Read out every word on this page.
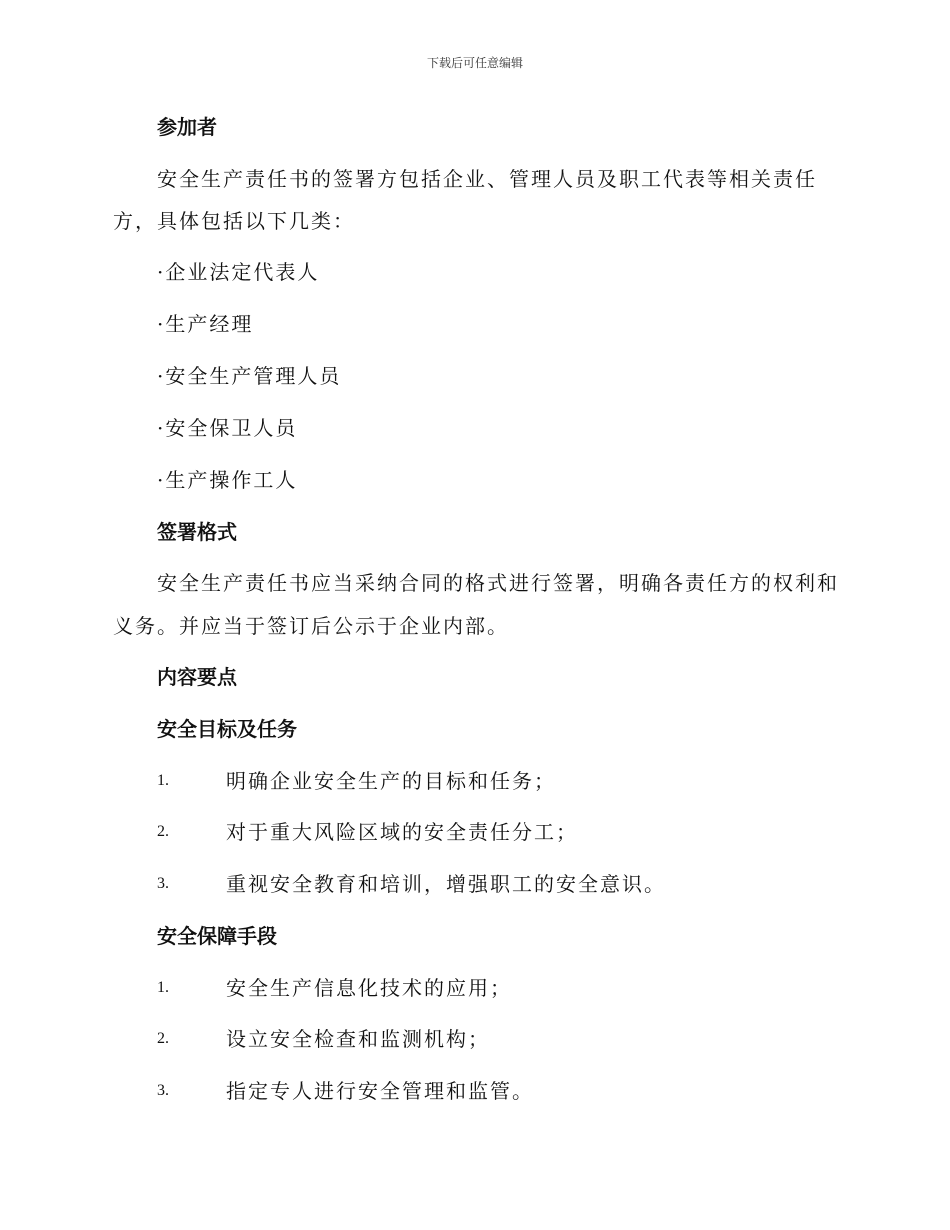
下载后可任意编辑
参加者
安全生产责任书的签署方包括企业、管理人员及职工代表等相关责任
方，具体包括以下几类：
·企业法定代表人
·生产经理
·安全生产管理人员
·安全保卫人员
·生产操作工人
签署格式
安全生产责任书应当采纳合同的格式进行签署，明确各责任方的权利和
义务。并应当于签订后公示于企业内部。
内容要点
安全目标及任务
1.	明确企业安全生产的目标和任务；
2.	对于重大风险区域的安全责任分工；
3.	重视安全教育和培训，增强职工的安全意识。
安全保障手段
1.	安全生产信息化技术的应用；
2.	设立安全检查和监测机构；
3.	指定专人进行安全管理和监管。
